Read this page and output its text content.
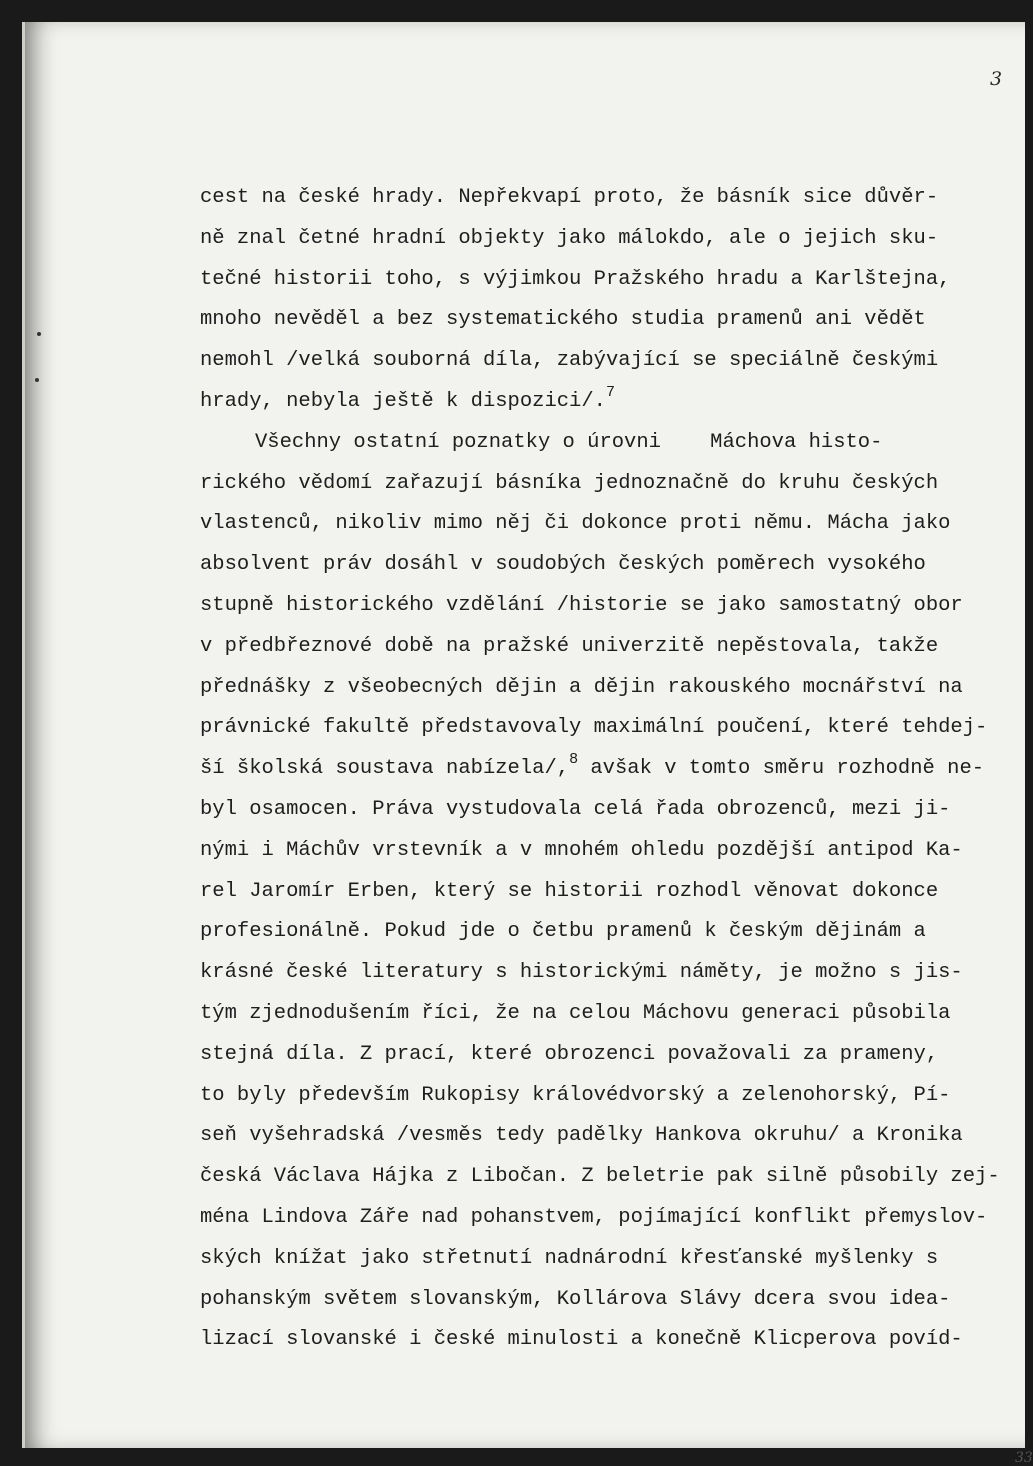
3
cest na české hrady. Nepřekvapí proto, že básník sice důvěr-
ně znal četné hradní objekty jako málokdo, ale o jejich sku-
tečné historii toho, s výjimkou Pražského hradu a Karlštejna,
mnoho nevěděl a bez systematického studia pramenů ani vědět
nemohl /velká souborná díla, zabývající se speciálně českými
hrady, nebyla ještě k dispozici/.$^7$
Všechny ostatní poznatky o úrovni    Máchova histo-
rického vědomí zařazují básníka jednoznačně do kruhu českých
vlastenců, nikoliv mimo něj či dokonce proti němu. Mácha jako
absolvent práv dosáhl v soudobých českých poměrech vysokého
stupně historického vzdělání /historie se jako samostatný obor
v předbřeznové době na pražské univerzitě nepěstovala, takže
přednášky z všeobecných dějin a dějin rakouského mocnářství na
právnické fakultě představovaly maximální poučení, které tehdej-
ší školská soustava nabízela/,$^8$ avšak v tomto směru rozhodně ne-
byl osamocen. Práva vystudovala celá řada obrozenců, mezi ji-
nými i Máchův vrstevník a v mnohém ohledu pozdější antipod Ka-
rel Jaromír Erben, který se historii rozhodl věnovat dokonce
profesionálně. Pokud jde o četbu pramenů k českým dějinám a
krásné české literatury s historickými náměty, je možno s jis-
tým zjednodušením říci, že na celou Máchovu generaci působila
stejná díla. Z prací, které obrozenci považovali za prameny,
to byly především Rukopisy královédvorský a zelenohorský, Pí-
seň vyšehradská /vesměs tedy padělky Hankova okruhu/ a Kronika
česká Václava Hájka z Libočan. Z beletrie pak silně působily zej-
ména Lindova Záře nad pohanstvem, pojímající konflikt přemyslov-
ských knížat jako střetnutí nadnárodní křesťanské myšlenky s
pohanským světem slovanským, Kollárova Slávy dcera svou idea-
lizací slovanské i české minulosti a konečně Klicperova povíd-
33
